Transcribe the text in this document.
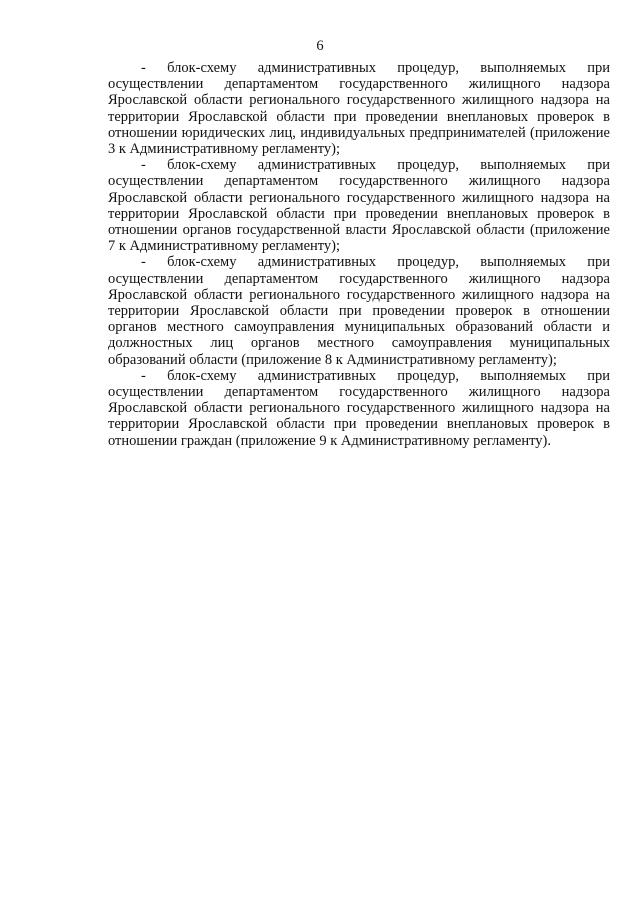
6

- блок-схему административных процедур, выполняемых при осуществлении департаментом государственного жилищного надзора Ярославской области регионального государственного жилищного надзора на территории Ярославской области при проведении внеплановых проверок в отношении юридических лиц, индивидуальных предпринимателей (приложение 3 к Административному регламенту);

- блок-схему административных процедур, выполняемых при осуществлении департаментом государственного жилищного надзора Ярославской области регионального государственного жилищного надзора на территории Ярославской области при проведении внеплановых проверок в отношении органов государственной власти Ярославской области (приложение 7 к Административному регламенту);

- блок-схему административных процедур, выполняемых при осуществлении департаментом государственного жилищного надзора Ярославской области регионального государственного жилищного надзора на территории Ярославской области при проведении проверок в отношении органов местного самоуправления муниципальных образований области и должностных лиц органов местного самоуправления муниципальных образований области (приложение 8 к Административному регламенту);

- блок-схему административных процедур, выполняемых при осуществлении департаментом государственного жилищного надзора Ярославской области регионального государственного жилищного надзора на территории Ярославской области при проведении внеплановых проверок в отношении граждан (приложение 9 к Административному регламенту).
